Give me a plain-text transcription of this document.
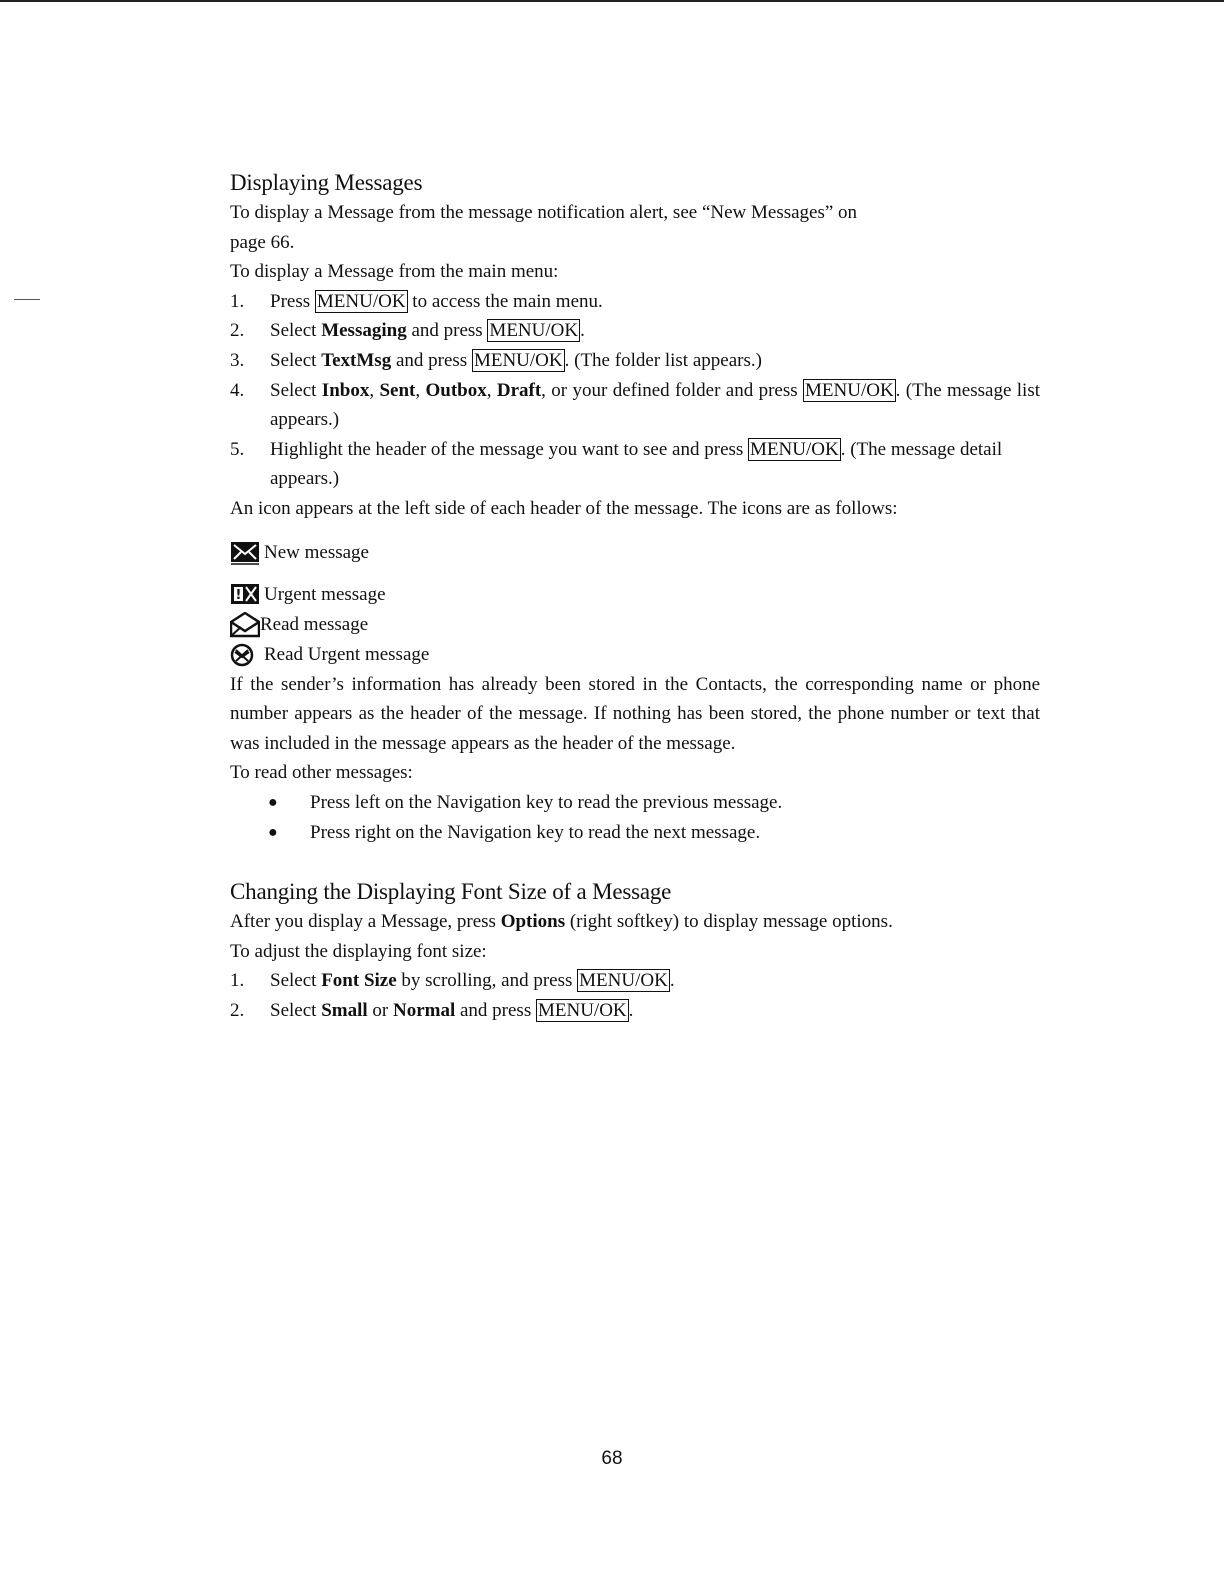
Displaying Messages

To display a Message from the message notification alert, see “New Messages” on
page 66.

To display a Message from the main menu:

1.	Press MENU/OK to access the main menu.
2.	Select Messaging and press MENU/OK .
3.	Select TextMsg and press MENU/OK . (The folder list appears.)
4.	Select Inbox, Sent, Outbox, Draft, or your defined folder and press MENU/OK . (The message list appears.)
5.	Highlight the header of the message you want to see and press MENU/OK . (The message detail appears.)

An icon appears at the left side of each header of the message. The icons are as follows:

New message
! Urgent message
Read message
Read Urgent message

If the sender’s information has already been stored in the Contacts, the corresponding name or phone number appears as the header of the message. If nothing has been stored, the phone number or text that was included in the message appears as the header of the message.

To read other messages:

●	Press left on the Navigation key to read the previous message.
●	Press right on the Navigation key to read the next message.
Changing the Displaying Font Size of a Message

After you display a Message, press Options (right softkey) to display message options.

To adjust the displaying font size:

1.	Select Font Size by scrolling, and press MENU/OK .
2.	Select Small or Normal and press MENU/OK .
68
